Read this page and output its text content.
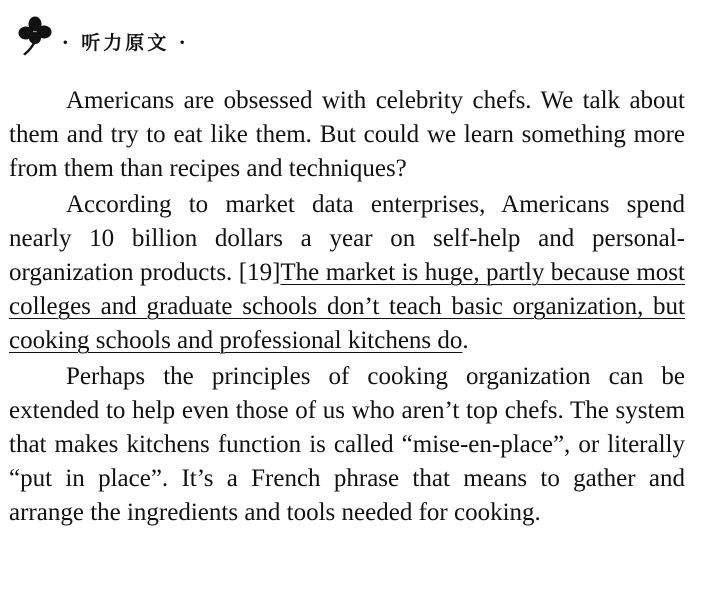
· 听力原文 ·

Americans are obsessed with celebrity chefs. We talk about them and try to eat like them. But could we learn something more from them than recipes and techniques?

According to market data enterprises, Americans spend nearly 10 billion dollars a year on self-help and personal-organization products. [19]The market is huge, partly because most colleges and graduate schools don’t teach basic organization, but cooking schools and professional kitchens do.

Perhaps the principles of cooking organization can be extended to help even those of us who aren’t top chefs. The system that makes kitchens function is called “mise-en-place”, or literally “put in place”. It’s a French phrase that means to gather and arrange the ingredients and tools needed for cooking.
